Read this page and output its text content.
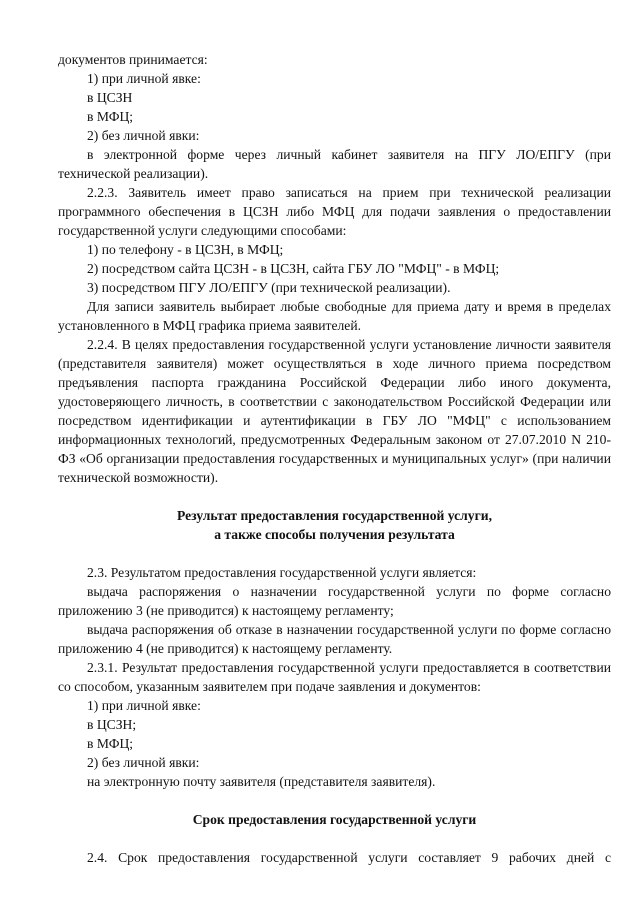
документов принимается:

1) при личной явке:

в ЦСЗН

в МФЦ;

2) без личной явки:

в электронной форме через личный кабинет заявителя на ПГУ ЛО/ЕПГУ (при технической реализации).

2.2.3. Заявитель имеет право записаться на прием при технической реализации программного обеспечения в ЦСЗН либо МФЦ для подачи заявления о предоставлении государственной услуги следующими способами:

1) по телефону - в ЦСЗН, в МФЦ;

2) посредством сайта ЦСЗН - в ЦСЗН, сайта ГБУ ЛО "МФЦ" - в МФЦ;

3) посредством ПГУ ЛО/ЕПГУ (при технической реализации).

Для записи заявитель выбирает любые свободные для приема дату и время в пределах установленного в МФЦ графика приема заявителей.

2.2.4. В целях предоставления государственной услуги установление личности заявителя (представителя заявителя) может осуществляться в ходе личного приема посредством предъявления паспорта гражданина Российской Федерации либо иного документа, удостоверяющего личность, в соответствии с законодательством Российской Федерации или посредством идентификации и аутентификации в ГБУ ЛО "МФЦ" с использованием информационных технологий, предусмотренных Федеральным законом от 27.07.2010 N 210-ФЗ «Об организации предоставления государственных и муниципальных услуг» (при наличии технической возможности).

Результат предоставления государственной услуги,

а также способы получения результата

2.3. Результатом предоставления государственной услуги является:

выдача распоряжения о назначении государственной услуги по форме согласно приложению 3 (не приводится) к настоящему регламенту;

выдача распоряжения об отказе в назначении государственной услуги по форме согласно приложению 4 (не приводится) к настоящему регламенту.

2.3.1. Результат предоставления государственной услуги предоставляется в соответствии со способом, указанным заявителем при подаче заявления и документов:

1) при личной явке:

в ЦСЗН;

в МФЦ;

2) без личной явки:

на электронную почту заявителя (представителя заявителя).

Срок предоставления государственной услуги

2.4. Срок предоставления государственной услуги составляет 9 рабочих дней с
